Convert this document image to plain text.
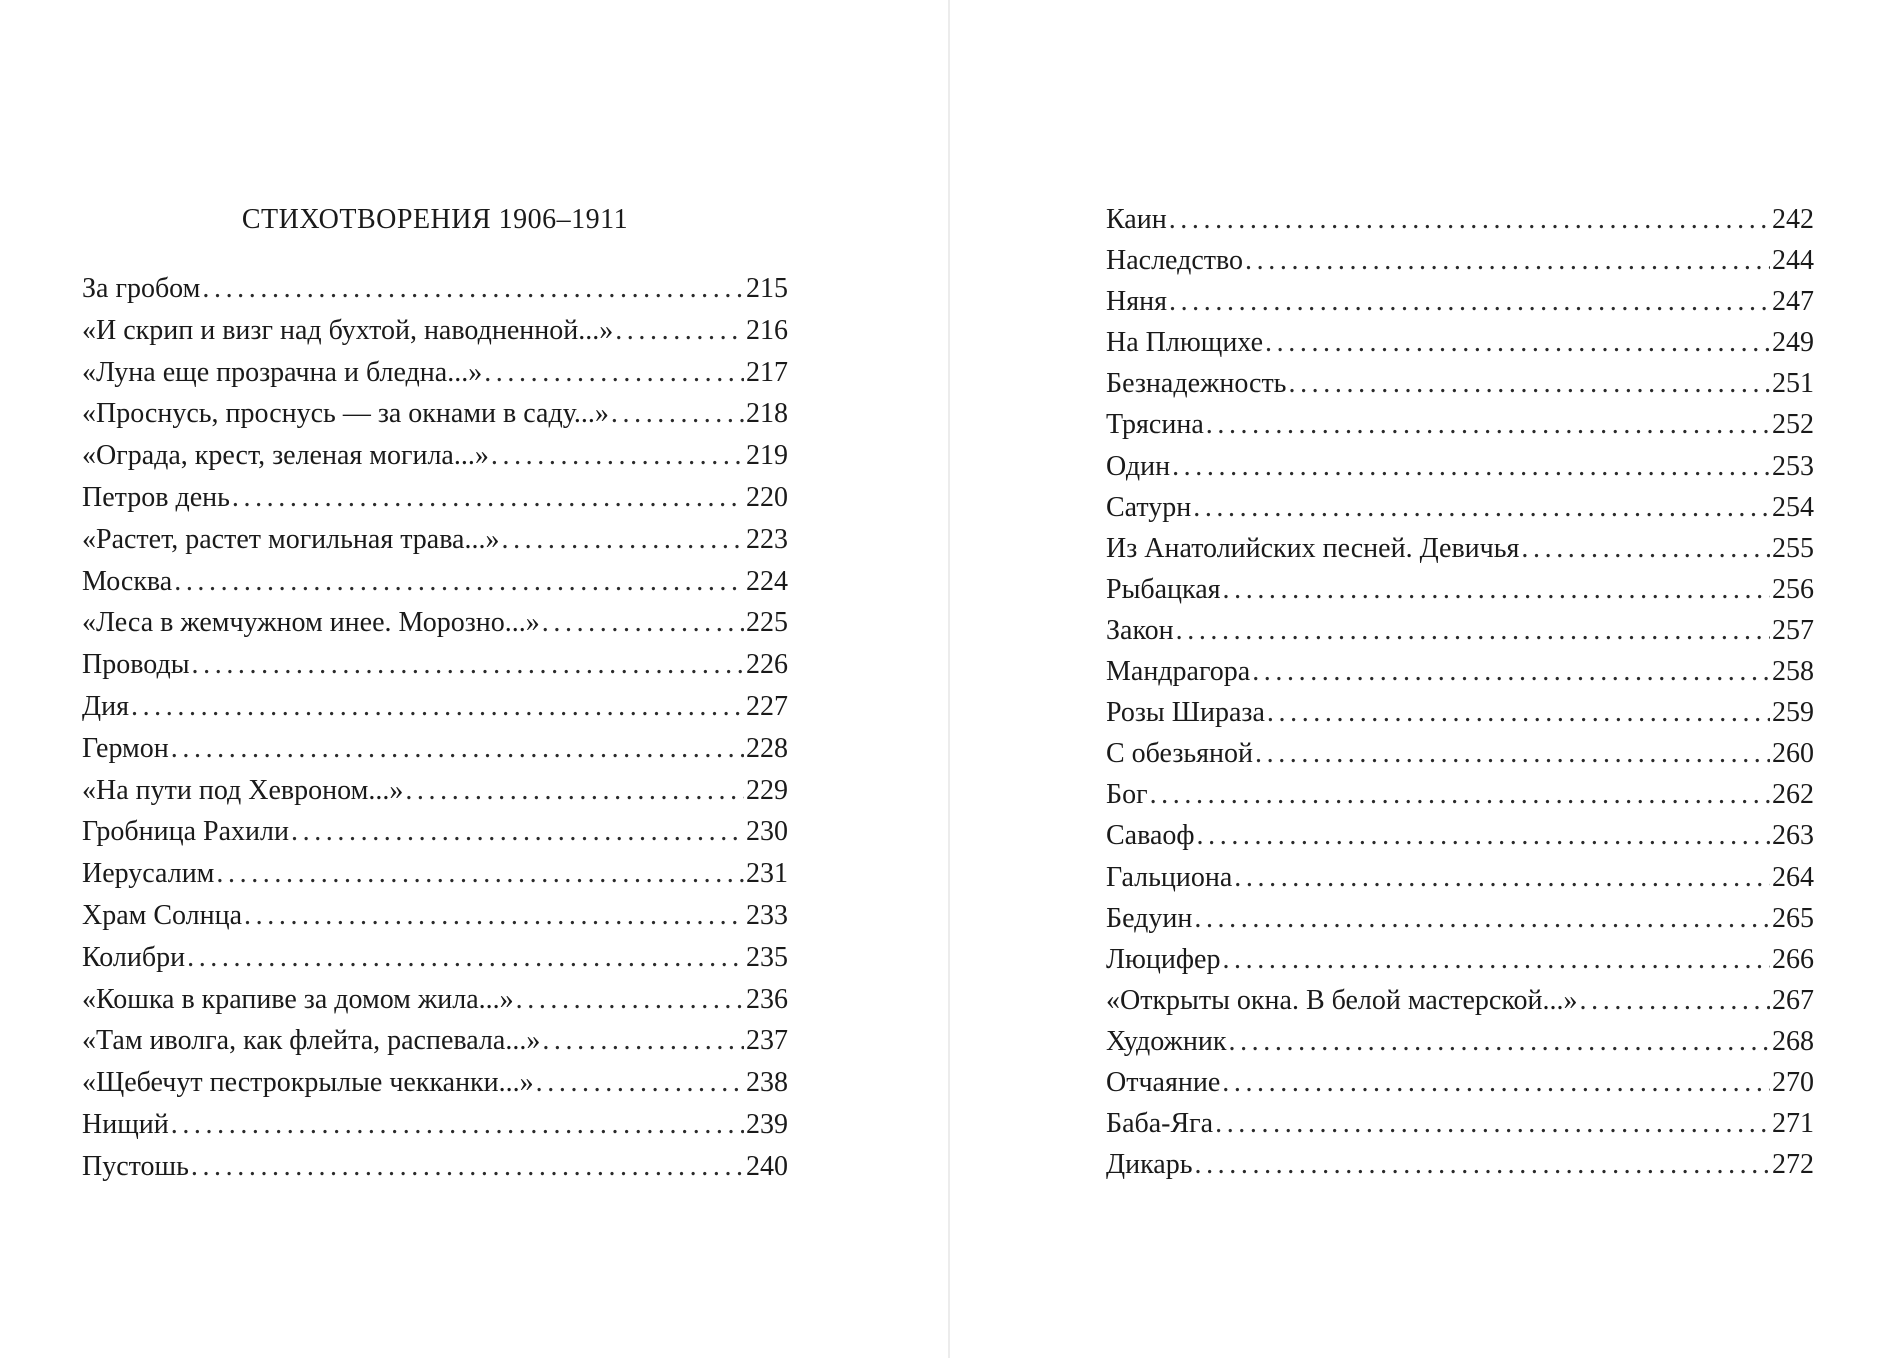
СТИХОТВОРЕНИЯ 1906–1911
За гробом . . .	215
«И скрип и визг над бухтой, наводненной...» . . .	216
«Луна еще прозрачна и бледна...» . . .	217
«Проснусь, проснусь — за окнами в саду...» . . .	218
«Ограда, крест, зеленая могила...» . . .	219
Петров день . . .	220
«Растет, растет могильная трава...» . . .	223
Москва . . .	224
«Леса в жемчужном инее. Морозно...» . . .	225
Проводы . . .	226
Дия . . .	227
Гермон . . .	228
«На пути под Хевроном...» . . .	229
Гробница Рахили . . .	230
Иерусалим . . .	231
Храм Солнца . . .	233
Колибри . . .	235
«Кошка в крапиве за домом жила...» . . .	236
«Там иволга, как флейта, распевала...» . . .	237
«Щебечут пестрокрылые чекканки...» . . .	238
Нищий . . .	239
Пустошь . . .	240
Каин . . .	242
Наследство . . .	244
Няня . . .	247
На Плющихе . . .	249
Безнадежность . . .	251
Трясина . . .	252
Один . . .	253
Сатурн . . .	254
Из Анатолийских песней. Девичья . . .	255
Рыбацкая . . .	256
Закон . . .	257
Мандрагора . . .	258
Розы Шираза . . .	259
С обезьяной . . .	260
Бог . . .	262
Саваоф . . .	263
Гальциона . . .	264
Бедуин . . .	265
Люцифер . . .	266
«Открыты окна. В белой мастерской...» . . .	267
Художник . . .	268
Отчаяние . . .	270
Баба-Яга . . .	271
Дикарь . . .	272
